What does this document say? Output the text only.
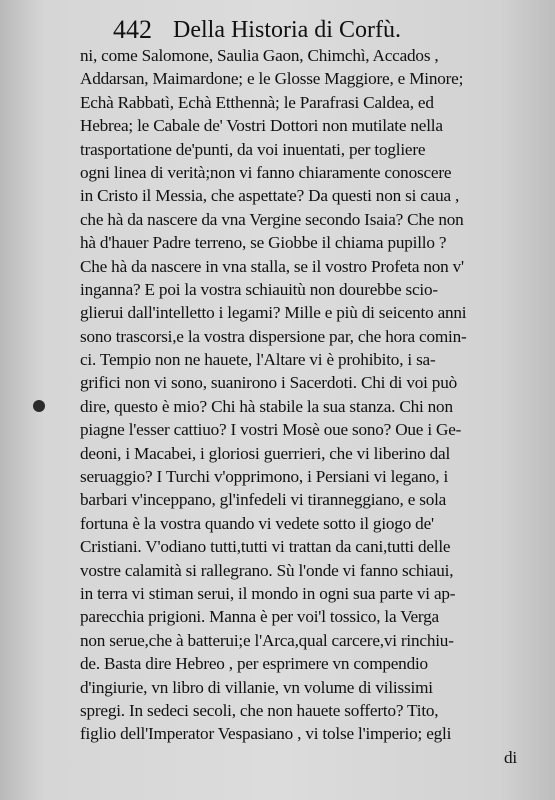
442 Della Historia di Corfù.
ni, come Salomone, Saulia Gaon, Chimchì, Accados ,
Addarsan, Maimardone; e le Glosse Maggiore, e Minore;
Echà Rabbatì, Echà Etthennà; le Parafrasi Caldea, ed
Hebrea; le Cabale de' Vostri Dottori non mutilate nella
trasportatione de'punti, da voi inuentati, per togliere
ogni linea di verità;non vi fanno chiaramente conoscere
in Cristo il Messia, che aspettate? Da questi non si caua ,
che hà da nascere da vna Vergine secondo Isaia? Che non
hà d'hauer Padre terreno, se Giobbe il chiama pupillo ?
Che hà da nascere in vna stalla, se il vostro Profeta non v'
inganna? E poi la vostra schiauitù non dourebbe scio-
glierui dall'intelletto i legami? Mille e più di seicento anni
sono trascorsi,e la vostra dispersione par, che hora comin-
ci. Tempio non ne hauete, l'Altare vi è prohibito, i sa-
grifici non vi sono, suanirono i Sacerdoti. Chi di voi può
dire, questo è mio? Chi hà stabile la sua stanza. Chi non
piagne l'esser cattiuo? I vostri Mosè oue sono? Oue i Ge-
deoni, i Macabei, i gloriosi guerrieri, che vi liberino dal
seruaggio? I Turchi v'opprimono, i Persiani vi legano, i
barbari v'inceppano, gl'infedeli vi tiranneggiano, e sola
fortuna è la vostra quando vi vedete sotto il giogo de'
Cristiani. V'odiano tutti,tutti vi trattan da cani,tutti delle
vostre calamità si rallegrano. Sù l'onde vi fanno schiaui,
in terra vi stiman serui, il mondo in ogni sua parte vi ap-
parecchia prigioni. Manna è per voi'l tossico, la Verga
non serue,che à batterui;e l'Arca,qual carcere,vi rinchiu-
de. Basta dire Hebreo , per esprimere vn compendio
d'ingiurie, vn libro di villanie, vn volume di vilissimi
spregi. In sedeci secoli, che non hauete sofferto? Tito,
figlio dell'Imperator Vespasiano , vi tolse l'imperio; egli
di
